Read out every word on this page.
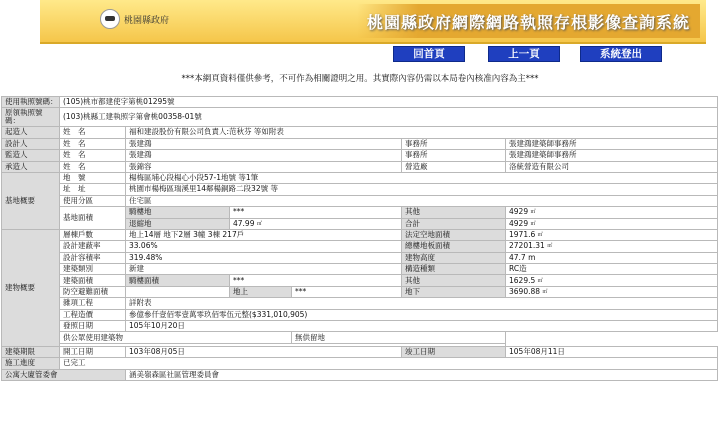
桃園縣政府	桃園縣政府網際網路執照存根影像查詢系統
回首頁	上一頁	系統登出
***本網頁資料僅供參考，不可作為相關證明之用。其實際內容仍需以本局卷內核准內容為主***
使用執照號碼：	(105)桃市都建使字第桃01295號					
原領執照號碼：	(103)桃縣工建執照字第會桃00358-01號					
起造人	姓　名	福和建設股份有限公司負責人:范秋芬 等如附表				
設計人	姓　名	張建鴻			事務所	張建鴻建築師事務所
監造人	姓　名	張建鴻			事務所	張建鴻建築師事務所
承造人	姓　名	張錦容			營造廠	洛統營造有限公司
基地概要	地　號	楊梅區埔心段楊心小段57-1地號 等1筆				
	址　址	桃園市楊梅區瑞溪里14鄰楊銅路二段32號 等				
	使用分區	住宅區				
	基地面積	騎樓地	***		其他	4929 ㎡
		退縮地	47.99 ㎡		合計	4929 ㎡
建物概要	層棟戶數	地上14層 地下2層 3幢 3棟 217戶			法定空地面積	1971.6 ㎡
	設計建蔽率	33.06%			總樓地板面積	27201.31 ㎡
	設計容積率	319.48%			建物高度	47.7 m
	建築類別	新建			構造種類	RC造
	建築面積	騎樓面積	***		其他	1629.5 ㎡
	防空避難面積		地上	***	地下	3690.88 ㎡
	雜項工程	詳附表				
	工程造價	參億參仟壹佰零壹萬零玖佰零伍元整($331,010,905)				
	發照日期	105年10月20日				
	供公眾使用建築物			無供留地		

建築期限	開工日期	103年08月05日			竣工日期	105年08月11日
施工進度	已完工					
公寓大廈管委會		涵美嶺森區社區管理委員會				
